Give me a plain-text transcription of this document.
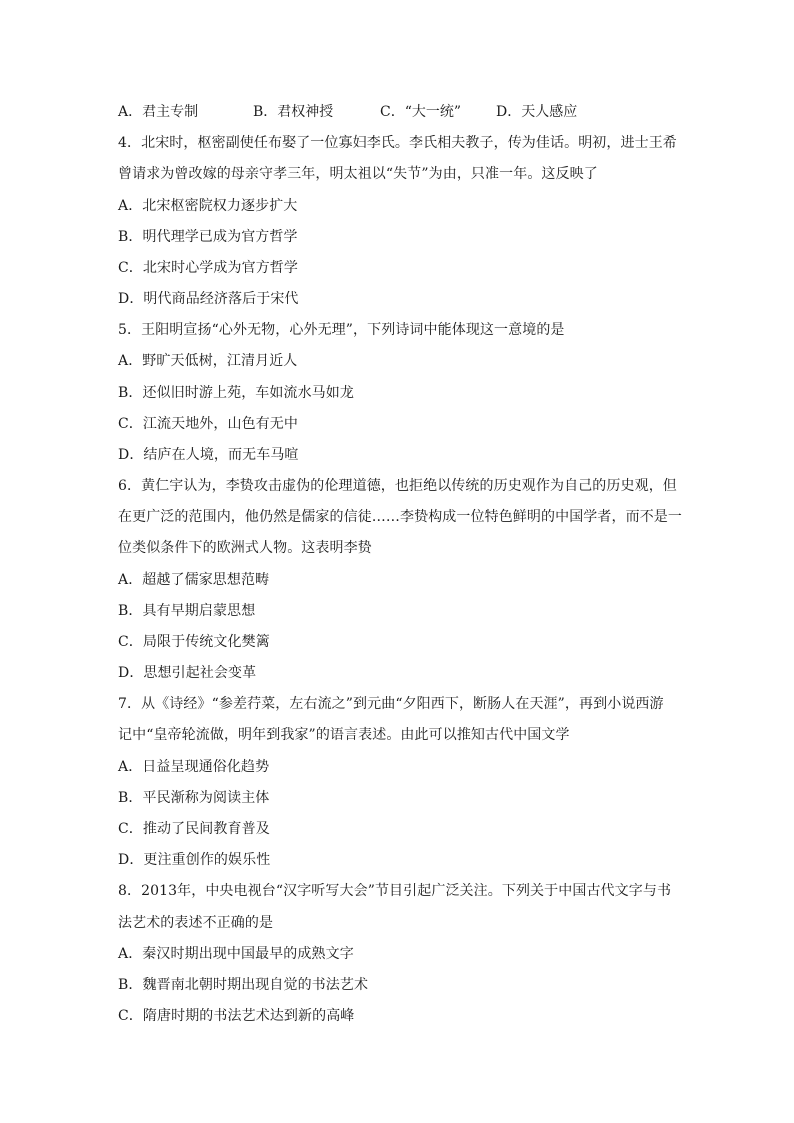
A．君主专制	B．君权神授	C．“大一统” D．天人感应
4．北宋时，枢密副使任布娶了一位寡妇李氏。李氏相夫教子，传为佳话。明初，进士王希
曾请求为曾改嫁的母亲守孝三年，明太祖以“失节”为由，只准一年。这反映了
A．北宋枢密院权力逐步扩大
B．明代理学已成为官方哲学
C．北宋时心学成为官方哲学
D．明代商品经济落后于宋代
5．王阳明宣扬“心外无物，心外无理”，下列诗词中能体现这一意境的是
A．野旷天低树，江清月近人
B．还似旧时游上苑，车如流水马如龙
C．江流天地外，山色有无中
D．结庐在人境，而无车马喧
6．黄仁宇认为，李贽攻击虚伪的伦理道德，也拒绝以传统的历史观作为自己的历史观，但
在更广泛的范围内，他仍然是儒家的信徒……李贽构成一位特色鲜明的中国学者，而不是一
位类似条件下的欧洲式人物。这表明李贽
A．超越了儒家思想范畴
B．具有早期启蒙思想
C．局限于传统文化樊篱
D．思想引起社会变革
7．从《诗经》“参差荇菜，左右流之”到元曲“夕阳西下，断肠人在天涯”，再到小说西游
记中“皇帝轮流做，明年到我家”的语言表述。由此可以推知古代中国文学
A．日益呈现通俗化趋势
B．平民渐称为阅读主体
C．推动了民间教育普及
D．更注重创作的娱乐性
8．2013年，中央电视台“汉字听写大会”节目引起广泛关注。下列关于中国古代文字与书
法艺术的表述不正确的是
A．秦汉时期出现中国最早的成熟文字
B．魏晋南北朝时期出现自觉的书法艺术
C．隋唐时期的书法艺术达到新的高峰
